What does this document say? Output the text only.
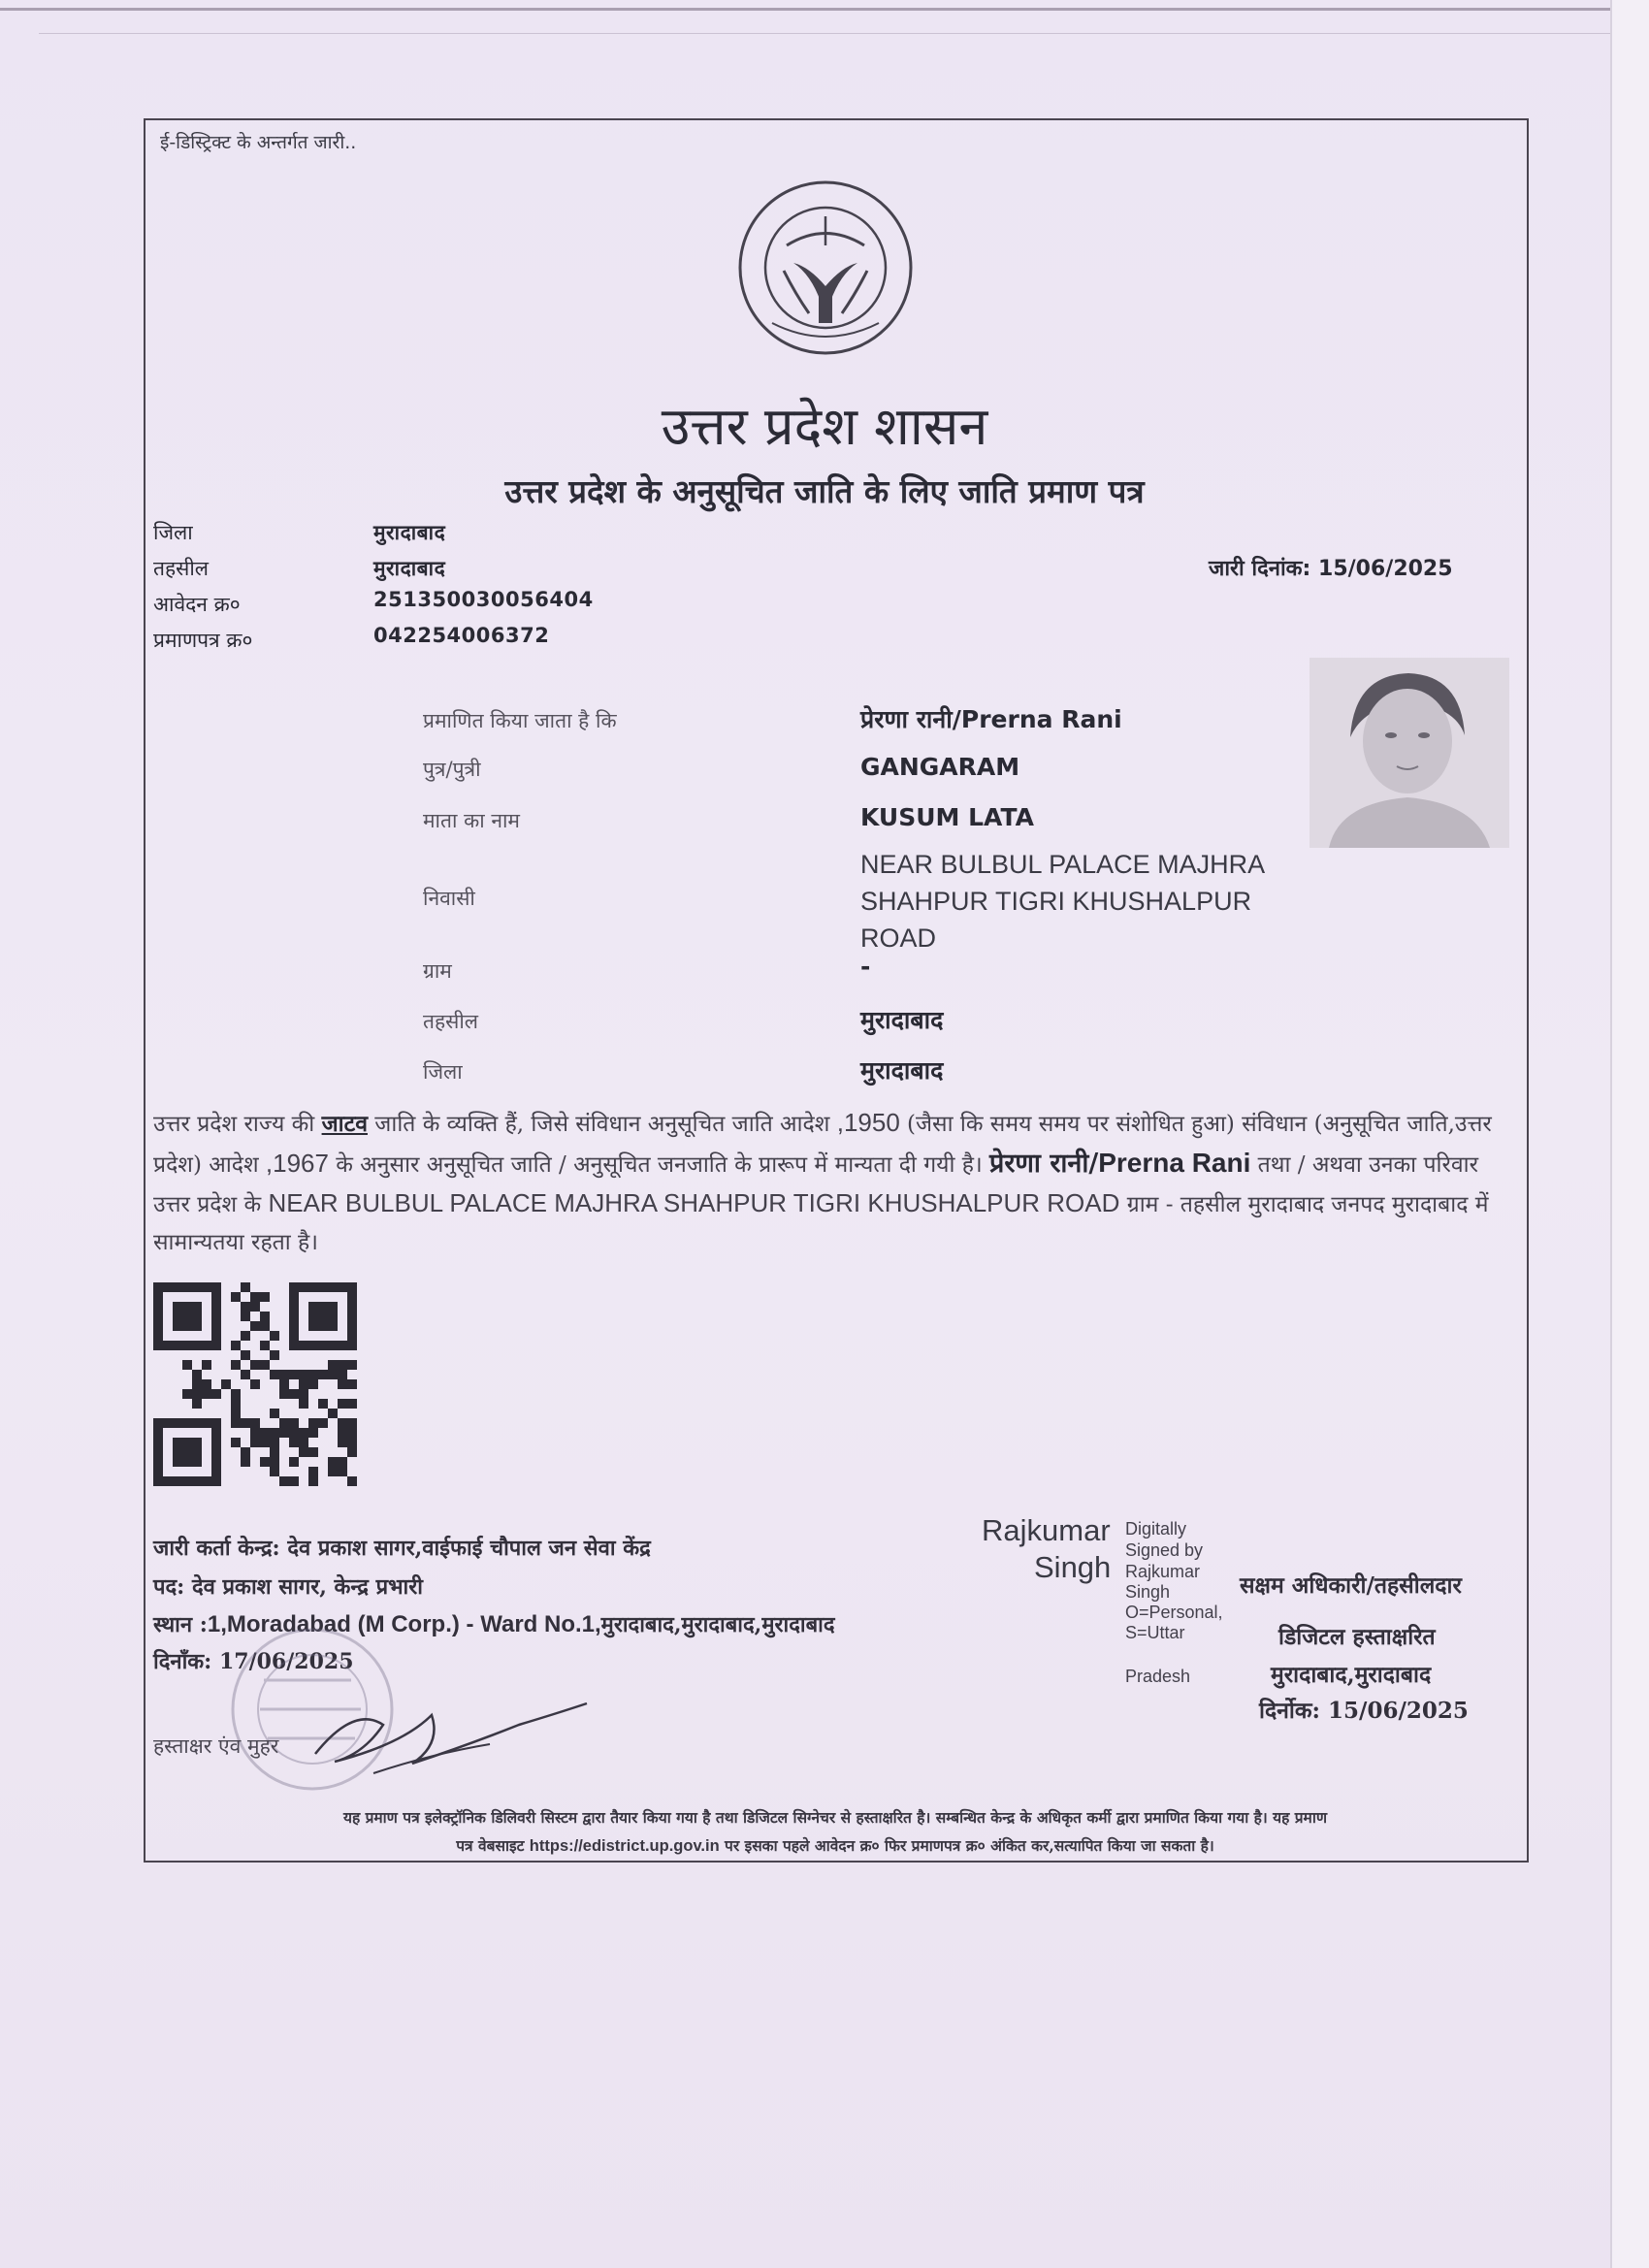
ई-डिस्ट्रिक्ट के अन्तर्गत जारी..
उत्तर प्रदेश शासन
उत्तर प्रदेश के अनुसूचित जाति के लिए जाति प्रमाण पत्र
जिला	मुरादाबाद
तहसील	मुरादाबाद
आवेदन क्र०	251350030056404
प्रमाणपत्र क्र०	042254006372
जारी दिनांक: 15/06/2025
प्रमाणित किया जाता है कि	प्रेरणा रानी/Prerna Rani
पुत्र/पुत्री	GANGARAM
माता का नाम	KUSUM LATA
निवासी
NEAR BULBUL PALACE MAJHRA SHAHPUR TIGRI KHUSHALPUR ROAD
ग्राम	-
तहसील	मुरादाबाद
जिला	मुरादाबाद
उत्तर प्रदेश राज्य की जाटव जाति के व्यक्ति हैं, जिसे संविधान अनुसूचित जाति आदेश ,1950 (जैसा कि समय समय पर संशोधित हुआ) संविधान (अनुसूचित जाति,उत्तर प्रदेश) आदेश ,1967 के अनुसार अनुसूचित जाति / अनुसूचित जनजाति के प्रारूप में मान्यता दी गयी है। प्रेरणा रानी/Prerna Rani तथा / अथवा उनका परिवार उत्तर प्रदेश के NEAR BULBUL PALACE MAJHRA SHAHPUR TIGRI KHUSHALPUR ROAD ग्राम - तहसील मुरादाबाद जनपद मुरादाबाद में सामान्यतया रहता है।
जारी कर्ता केन्द्र: देव प्रकाश सागर,वाईफाई चौपाल जन सेवा केंद्र
पद: देव प्रकाश सागर, केन्द्र प्रभारी
स्थान :1,Moradabad (M Corp.) - Ward No.1,मुरादाबाद,मुरादाबाद,मुरादाबाद
दिनाँक: 17/06/2025
हस्ताक्षर एंव मुहर
Rajkumar
Singh
Digitally
Signed by
Rajkumar
Singh
O=Personal,
S=Uttar
Pradesh
सक्षम अधिकारी/तहसीलदार
डिजिटल हस्ताक्षरित
मुरादाबाद,मुरादाबाद
दिर्नोक: 15/06/2025
यह प्रमाण पत्र इलेक्ट्रॉनिक डिलिवरी सिस्टम द्वारा तैयार किया गया है तथा डिजिटल सिग्नेचर से हस्ताक्षरित है। सम्बन्धित केन्द्र के अधिकृत कर्मी द्वारा प्रमाणित किया गया है। यह प्रमाण
पत्र वेबसाइट https://edistrict.up.gov.in पर इसका पहले आवेदन क्र० फिर प्रमाणपत्र क्र० अंकित कर,सत्यापित किया जा सकता है।
